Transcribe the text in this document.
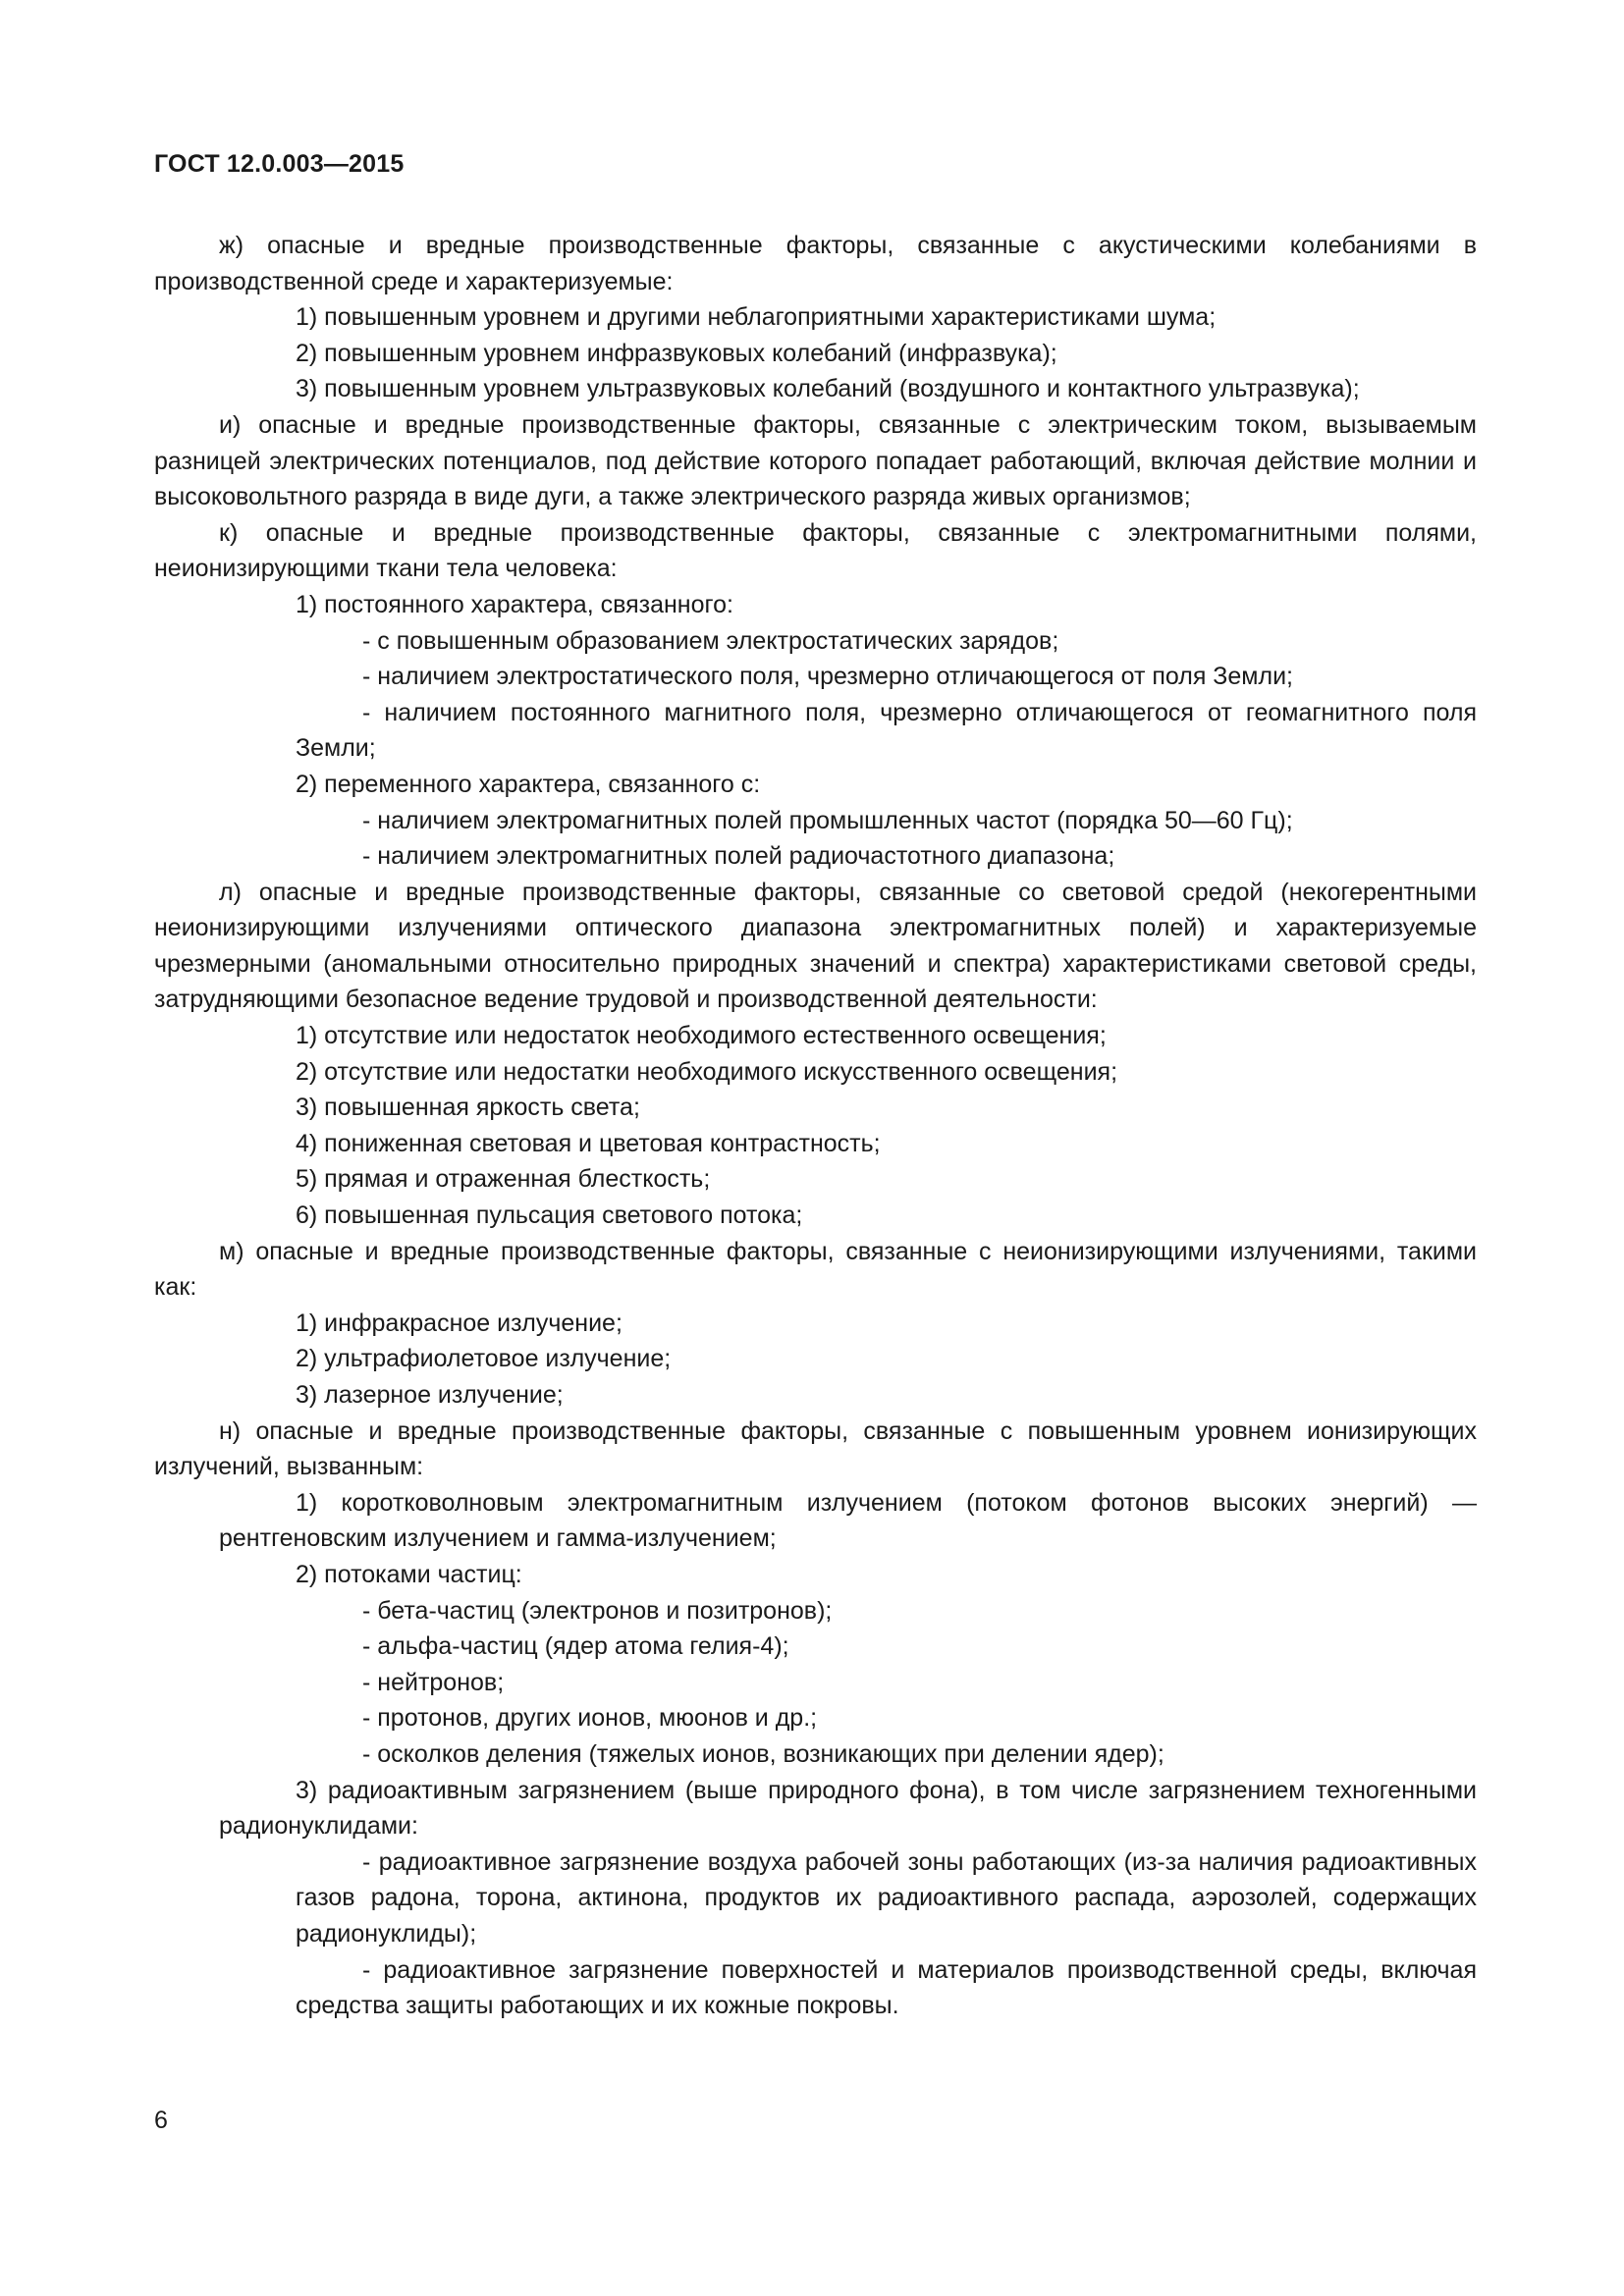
ГОСТ 12.0.003—2015

ж) опасные и вредные производственные факторы, связанные с акустическими колебаниями в производственной среде и характеризуемые:

1) повышенным уровнем и другими неблагоприятными характеристиками шума;

2) повышенным уровнем инфразвуковых колебаний (инфразвука);

3) повышенным уровнем ультразвуковых колебаний (воздушного и контактного ультразвука);

и) опасные и вредные производственные факторы, связанные с электрическим током, вызываемым разницей электрических потенциалов, под действие которого попадает работающий, включая действие молнии и высоковольтного разряда в виде дуги, а также электрического разряда живых организмов;

к) опасные и вредные производственные факторы, связанные с электромагнитными полями, неионизирующими ткани тела человека:

1) постоянного характера, связанного:

- с повышенным образованием электростатических зарядов;

- наличием электростатического поля, чрезмерно отличающегося от поля Земли;

- наличием постоянного магнитного поля, чрезмерно отличающегося от геомагнитного поля Земли;

2) переменного характера, связанного с:

- наличием электромагнитных полей промышленных частот (порядка 50—60 Гц);

- наличием электромагнитных полей радиочастотного диапазона;

л) опасные и вредные производственные факторы, связанные со световой средой (некогерентными неионизирующими излучениями оптического диапазона электромагнитных полей) и характеризуемые чрезмерными (аномальными относительно природных значений и спектра) характеристиками световой среды, затрудняющими безопасное ведение трудовой и производственной деятельности:

1) отсутствие или недостаток необходимого естественного освещения;

2) отсутствие или недостатки необходимого искусственного освещения;

3) повышенная яркость света;

4) пониженная световая и цветовая контрастность;

5) прямая и отраженная блесткость;

6) повышенная пульсация светового потока;

м) опасные и вредные производственные факторы, связанные с неионизирующими излучениями, такими как:

1) инфракрасное излучение;

2) ультрафиолетовое излучение;

3) лазерное излучение;

н) опасные и вредные производственные факторы, связанные с повышенным уровнем ионизирующих излучений, вызванным:

1) коротковолновым электромагнитным излучением (потоком фотонов высоких энергий) — рентгеновским излучением и гамма-излучением;

2) потоками частиц:

- бета-частиц (электронов и позитронов);

- альфа-частиц (ядер атома гелия-4);

- нейтронов;

- протонов, других ионов, мюонов и др.;

- осколков деления (тяжелых ионов, возникающих при делении ядер);

3) радиоактивным загрязнением (выше природного фона), в том числе загрязнением техногенными радионуклидами:

- радиоактивное загрязнение воздуха рабочей зоны работающих (из-за наличия радиоактивных газов радона, торона, актинона, продуктов их радиоактивного распада, аэрозолей, содержащих радионуклиды);

- радиоактивное загрязнение поверхностей и материалов производственной среды, включая средства защиты работающих и их кожные покровы.

6
